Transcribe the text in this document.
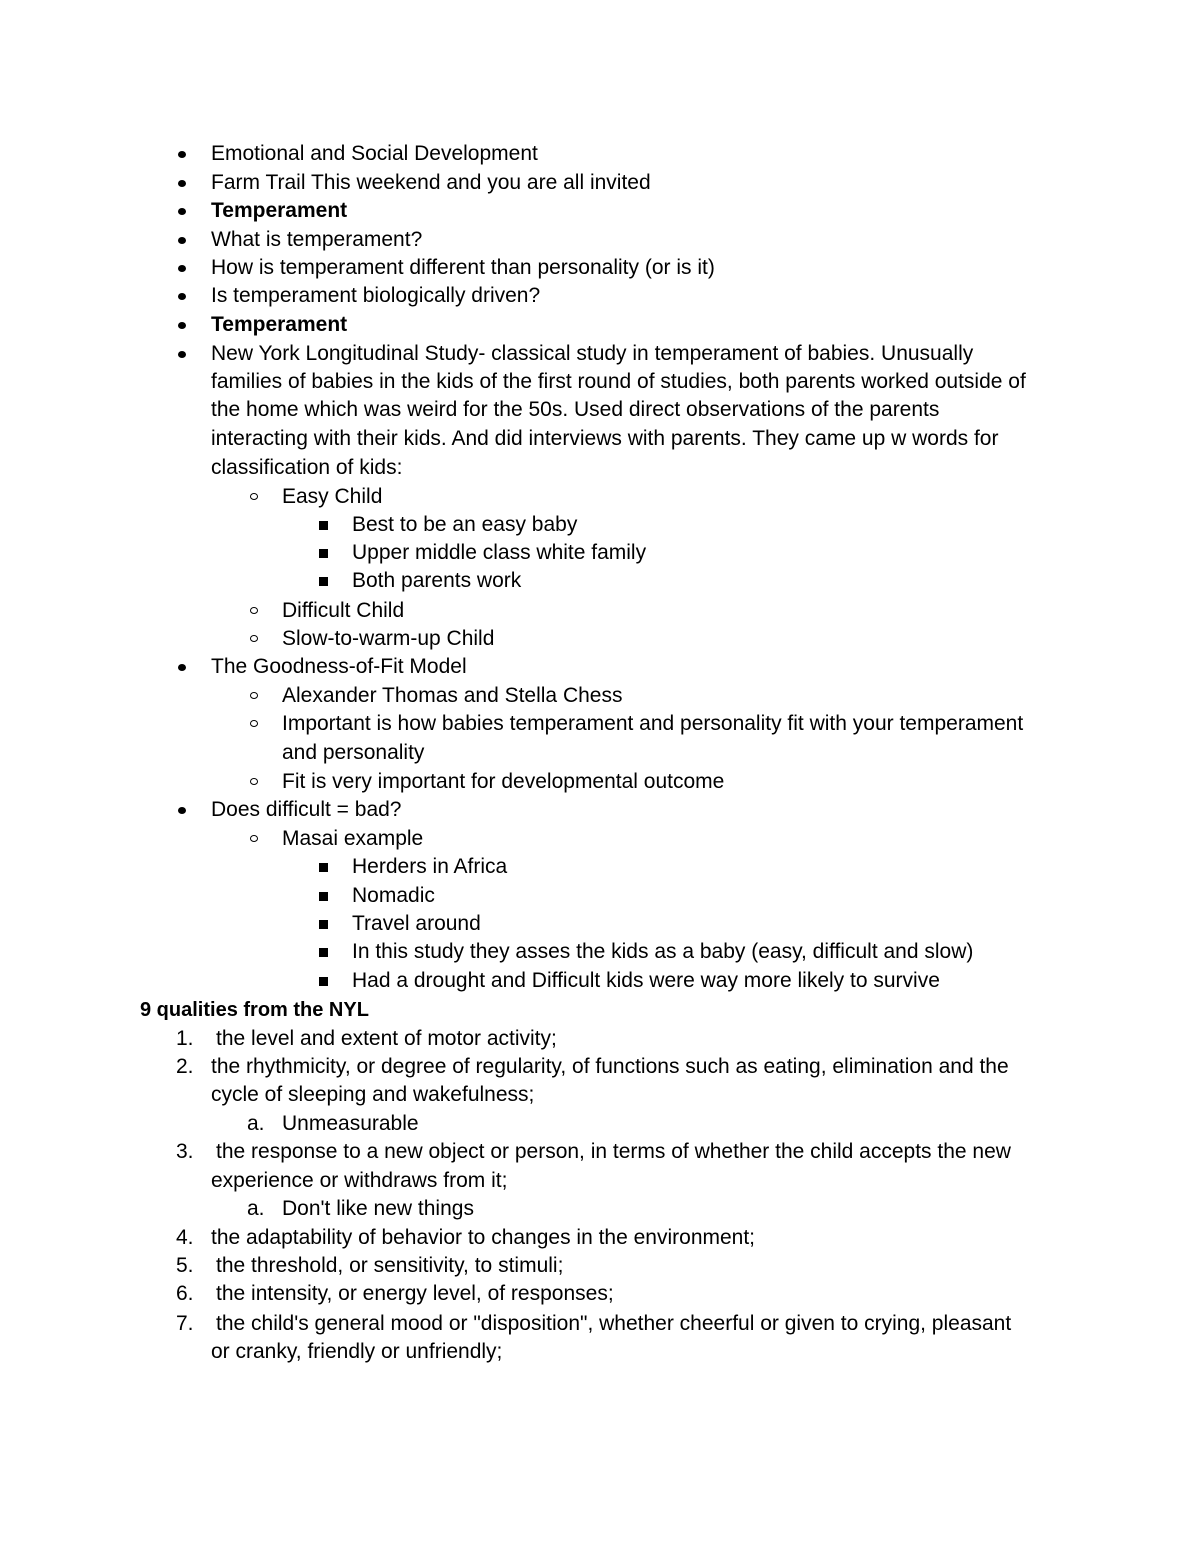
Emotional and Social Development
Farm Trail This weekend and you are all invited
Temperament
What is temperament?
How is temperament different than personality (or is it)
Is temperament biologically driven?
Temperament
New York Longitudinal Study- classical study in temperament of babies. Unusually
families of babies in the kids of the first round of studies, both parents worked outside of
the home which was weird for the 50s. Used direct observations of the parents
interacting with their kids. And did interviews with parents. They came up w words for
classification of kids:
Easy Child
Best to be an easy baby
Upper middle class white family
Both parents work
Difficult Child
Slow-to-warm-up Child
The Goodness-of-Fit Model
Alexander Thomas and Stella Chess
Important is how babies temperament and personality fit with your temperament
and personality
Fit is very important for developmental outcome
Does difficult = bad?
Masai example
Herders in Africa
Nomadic
Travel around
In this study they asses the kids as a baby (easy, difficult and slow)
Had a drought and Difficult kids were way more likely to survive
9 qualities from the NYL
1. the level and extent of motor activity;
2. the rhythmicity, or degree of regularity, of functions such as eating, elimination and the
cycle of sleeping and wakefulness;
a. Unmeasurable
3. the response to a new object or person, in terms of whether the child accepts the new
experience or withdraws from it;
a. Don't like new things
4. the adaptability of behavior to changes in the environment;
5. the threshold, or sensitivity, to stimuli;
6. the intensity, or energy level, of responses;
7. the child's general mood or "disposition", whether cheerful or given to crying, pleasant
or cranky, friendly or unfriendly;
